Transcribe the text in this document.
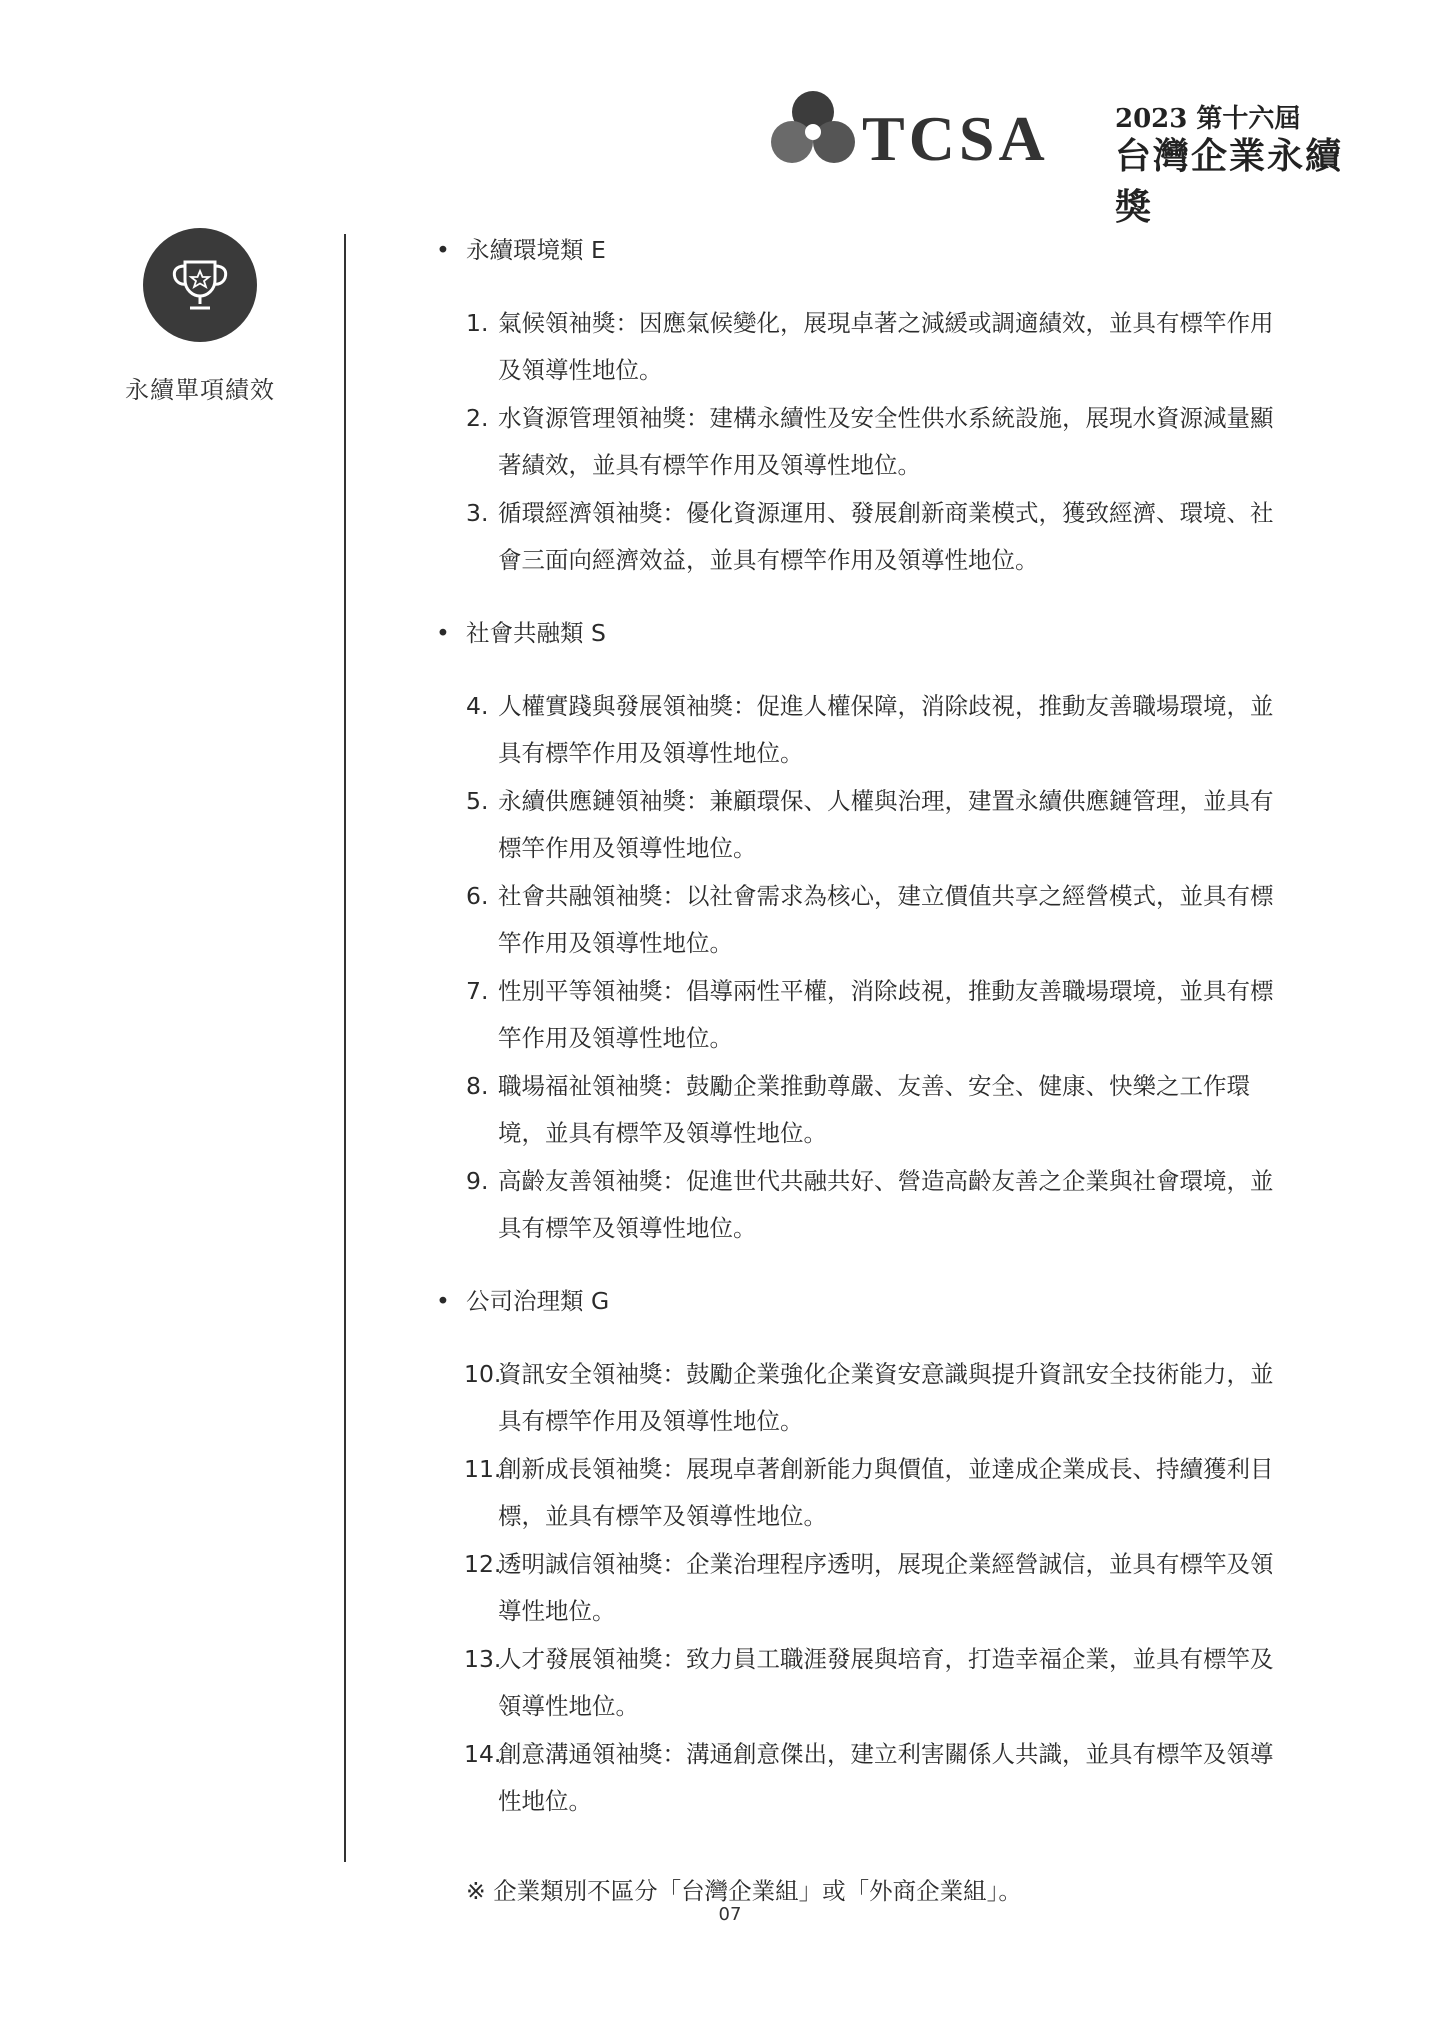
TCSA	2023 第十六屆
台灣企業永續獎
永續單項績效
• 永續環境類 E
1. 氣候領袖獎：因應氣候變化，展現卓著之減緩或調適績效，並具有標竿作用及領導性地位。
2. 水資源管理領袖獎：建構永續性及安全性供水系統設施，展現水資源減量顯著績效，並具有標竿作用及領導性地位。
3. 循環經濟領袖獎：優化資源運用、發展創新商業模式，獲致經濟、環境、社會三面向經濟效益，並具有標竿作用及領導性地位。
• 社會共融類 S
4. 人權實踐與發展領袖獎：促進人權保障，消除歧視，推動友善職場環境，並具有標竿作用及領導性地位。
5. 永續供應鏈領袖獎：兼顧環保、人權與治理，建置永續供應鏈管理，並具有標竿作用及領導性地位。
6. 社會共融領袖獎：以社會需求為核心，建立價值共享之經營模式，並具有標竿作用及領導性地位。
7. 性別平等領袖獎：倡導兩性平權，消除歧視，推動友善職場環境，並具有標竿作用及領導性地位。
8. 職場福祉領袖獎：鼓勵企業推動尊嚴、友善、安全、健康、快樂之工作環境，並具有標竿及領導性地位。
9. 高齡友善領袖獎：促進世代共融共好、營造高齡友善之企業與社會環境，並具有標竿及領導性地位。
• 公司治理類 G
10.
資訊安全領袖獎：鼓勵企業強化企業資安意識與提升資訊安全技術能力，並具有標竿作用及領導性地位。
11.
創新成長領袖獎：展現卓著創新能力與價值，並達成企業成長、持續獲利目標，並具有標竿及領導性地位。
12.
透明誠信領袖獎：企業治理程序透明，展現企業經營誠信，並具有標竿及領導性地位。
13.
人才發展領袖獎：致力員工職涯發展與培育，打造幸福企業，並具有標竿及領導性地位。
14.
創意溝通領袖獎：溝通創意傑出，建立利害關係人共識，並具有標竿及領導性地位。
※ 企業類別不區分「台灣企業組」或「外商企業組」。
07
